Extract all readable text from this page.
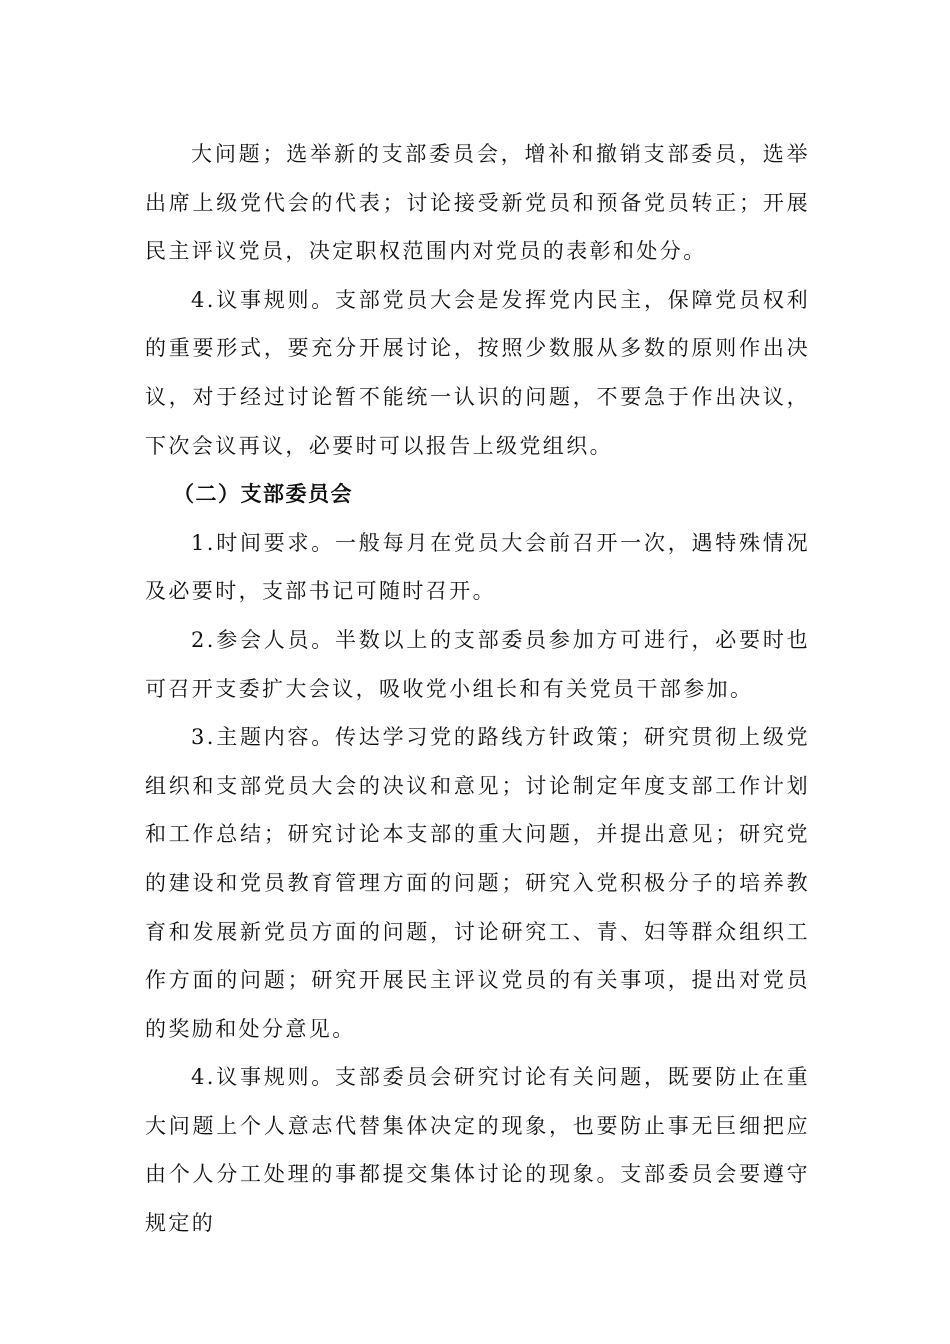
大问题；选举新的支部委员会，增补和撤销支部委员，选举出席上级党代会的代表；讨论接受新党员和预备党员转正；开展民主评议党员，决定职权范围内对党员的表彰和处分。

4.议事规则。支部党员大会是发挥党内民主，保障党员权利的重要形式，要充分开展讨论，按照少数服从多数的原则作出决议，对于经过讨论暂不能统一认识的问题，不要急于作出决议，下次会议再议，必要时可以报告上级党组织。

（二）支部委员会

1.时间要求。一般每月在党员大会前召开一次，遇特殊情况及必要时，支部书记可随时召开。

2.参会人员。半数以上的支部委员参加方可进行，必要时也可召开支委扩大会议，吸收党小组长和有关党员干部参加。

3.主题内容。传达学习党的路线方针政策；研究贯彻上级党组织和支部党员大会的决议和意见；讨论制定年度支部工作计划和工作总结；研究讨论本支部的重大问题，并提出意见；研究党的建设和党员教育管理方面的问题；研究入党积极分子的培养教育和发展新党员方面的问题，讨论研究工、青、妇等群众组织工作方面的问题；研究开展民主评议党员的有关事项，提出对党员的奖励和处分意见。

4.议事规则。支部委员会研究讨论有关问题，既要防止在重大问题上个人意志代替集体决定的现象，也要防止事无巨细把应由个人分工处理的事都提交集体讨论的现象。支部委员会要遵守规定的
